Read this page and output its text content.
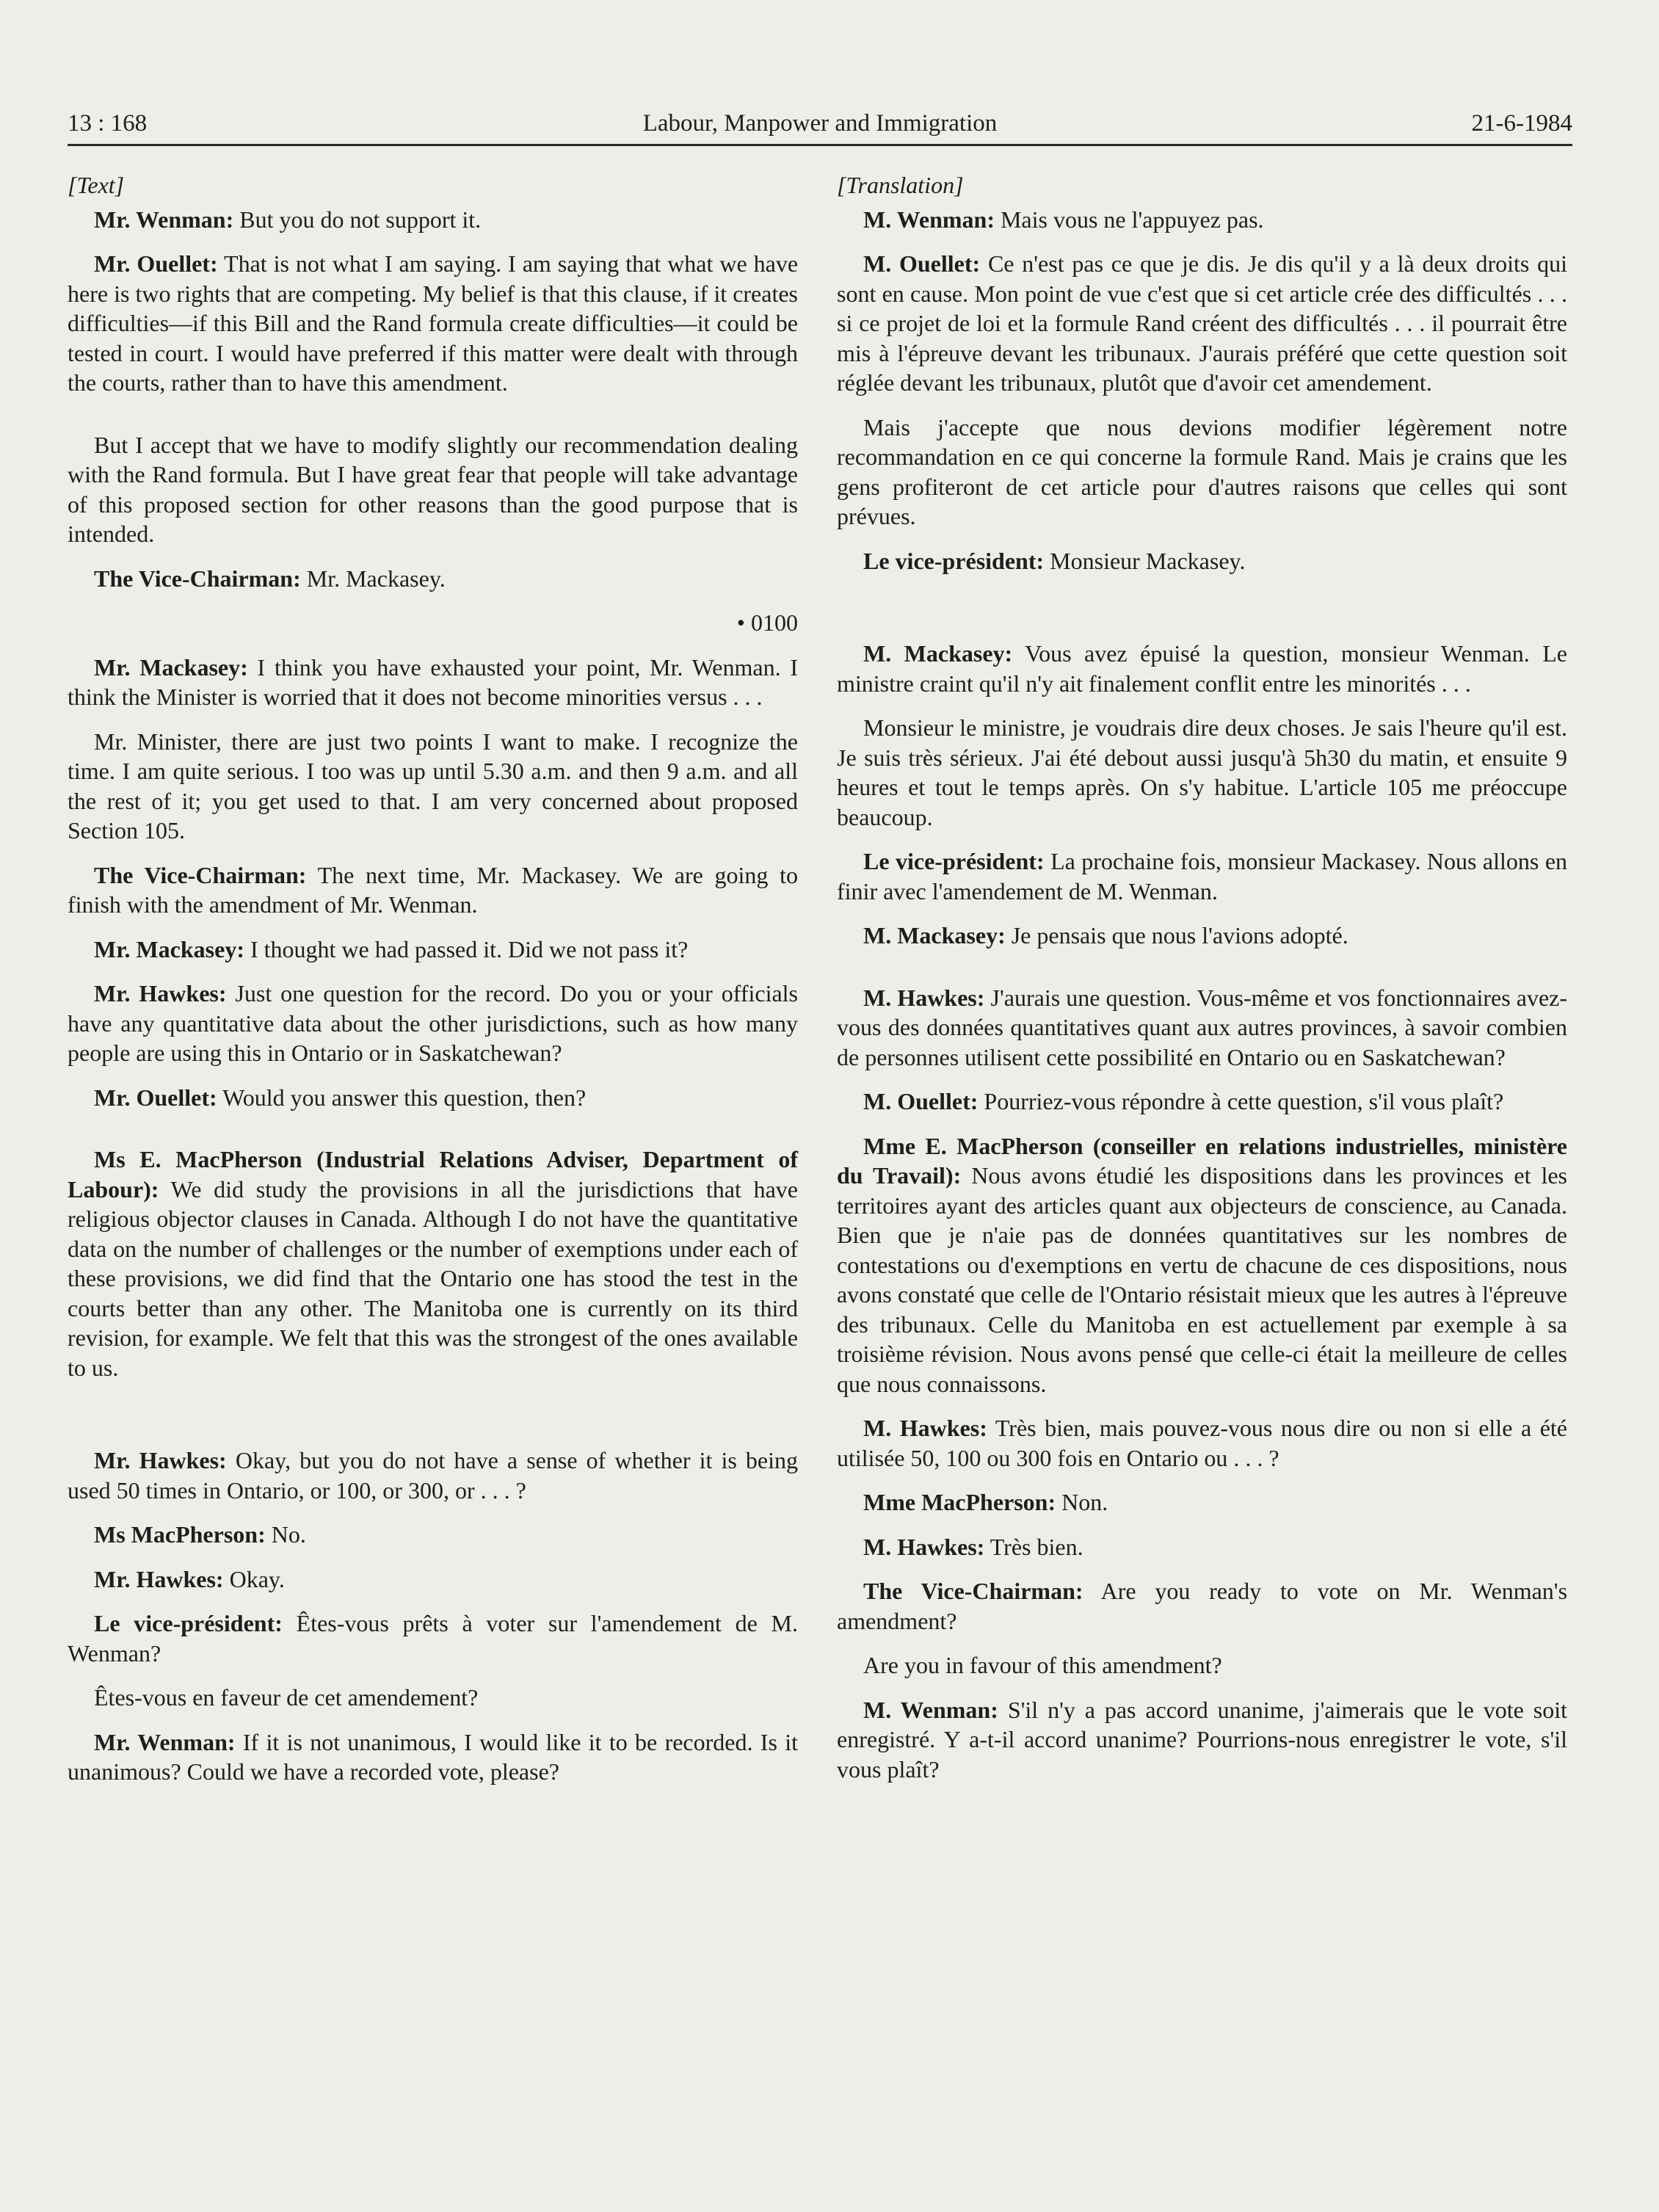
Labour, Manpower and Immigration
13 : 168	21-6-1984

[Text]

Mr. Wenman: But you do not support it.

Mr. Ouellet: That is not what I am saying. I am saying that what we have here is two rights that are competing. My belief is that this clause, if it creates difficulties—if this Bill and the Rand formula create difficulties—it could be tested in court. I would have preferred if this matter were dealt with through the courts, rather than to have this amendment.

But I accept that we have to modify slightly our recommendation dealing with the Rand formula. But I have great fear that people will take advantage of this proposed section for other reasons than the good purpose that is intended.

The Vice-Chairman: Mr. Mackasey.

• 0100

Mr. Mackasey: I think you have exhausted your point, Mr. Wenman. I think the Minister is worried that it does not become minorities versus . . .

Mr. Minister, there are just two points I want to make. I recognize the time. I am quite serious. I too was up until 5.30 a.m. and then 9 a.m. and all the rest of it; you get used to that. I am very concerned about proposed Section 105.

The Vice-Chairman: The next time, Mr. Mackasey. We are going to finish with the amendment of Mr. Wenman.

Mr. Mackasey: I thought we had passed it. Did we not pass it?

Mr. Hawkes: Just one question for the record. Do you or your officials have any quantitative data about the other jurisdictions, such as how many people are using this in Ontario or in Saskatchewan?

Mr. Ouellet: Would you answer this question, then?

Ms E. MacPherson (Industrial Relations Adviser, Department of Labour): We did study the provisions in all the jurisdictions that have religious objector clauses in Canada. Although I do not have the quantitative data on the number of challenges or the number of exemptions under each of these provisions, we did find that the Ontario one has stood the test in the courts better than any other. The Manitoba one is currently on its third revision, for example. We felt that this was the strongest of the ones available to us.

Mr. Hawkes: Okay, but you do not have a sense of whether it is being used 50 times in Ontario, or 100, or 300, or . . . ?

Ms MacPherson: No.

Mr. Hawkes: Okay.

Le vice-président: Êtes-vous prêts à voter sur l'amendement de M. Wenman?

Êtes-vous en faveur de cet amendement?

Mr. Wenman: If it is not unanimous, I would like it to be recorded. Is it unanimous? Could we have a recorded vote, please?

[Translation]

M. Wenman: Mais vous ne l'appuyez pas.

M. Ouellet: Ce n'est pas ce que je dis. Je dis qu'il y a là deux droits qui sont en cause. Mon point de vue c'est que si cet article crée des difficultés . . . si ce projet de loi et la formule Rand créent des difficultés . . . il pourrait être mis à l'épreuve devant les tribunaux. J'aurais préféré que cette question soit réglée devant les tribunaux, plutôt que d'avoir cet amendement.

Mais j'accepte que nous devions modifier légèrement notre recommandation en ce qui concerne la formule Rand. Mais je crains que les gens profiteront de cet article pour d'autres raisons que celles qui sont prévues.

Le vice-président: Monsieur Mackasey.

M. Mackasey: Vous avez épuisé la question, monsieur Wenman. Le ministre craint qu'il n'y ait finalement conflit entre les minorités . . .

Monsieur le ministre, je voudrais dire deux choses. Je sais l'heure qu'il est. Je suis très sérieux. J'ai été debout aussi jusqu'à 5h30 du matin, et ensuite 9 heures et tout le temps après. On s'y habitue. L'article 105 me préoccupe beaucoup.

Le vice-président: La prochaine fois, monsieur Mackasey. Nous allons en finir avec l'amendement de M. Wenman.

M. Mackasey: Je pensais que nous l'avions adopté.

M. Hawkes: J'aurais une question. Vous-même et vos fonctionnaires avez-vous des données quantitatives quant aux autres provinces, à savoir combien de personnes utilisent cette possibilité en Ontario ou en Saskatchewan?

M. Ouellet: Pourriez-vous répondre à cette question, s'il vous plaît?

Mme E. MacPherson (conseiller en relations industrielles, ministère du Travail): Nous avons étudié les dispositions dans les provinces et les territoires ayant des articles quant aux objecteurs de conscience, au Canada. Bien que je n'aie pas de données quantitatives sur les nombres de contestations ou d'exemptions en vertu de chacune de ces dispositions, nous avons constaté que celle de l'Ontario résistait mieux que les autres à l'épreuve des tribunaux. Celle du Manitoba en est actuellement par exemple à sa troisième révision. Nous avons pensé que celle-ci était la meilleure de celles que nous connaissons.

M. Hawkes: Très bien, mais pouvez-vous nous dire ou non si elle a été utilisée 50, 100 ou 300 fois en Ontario ou . . . ?

Mme MacPherson: Non.

M. Hawkes: Très bien.

The Vice-Chairman: Are you ready to vote on Mr. Wenman's amendment?

Are you in favour of this amendment?

M. Wenman: S'il n'y a pas accord unanime, j'aimerais que le vote soit enregistré. Y a-t-il accord unanime? Pourrions-nous enregistrer le vote, s'il vous plaît?
